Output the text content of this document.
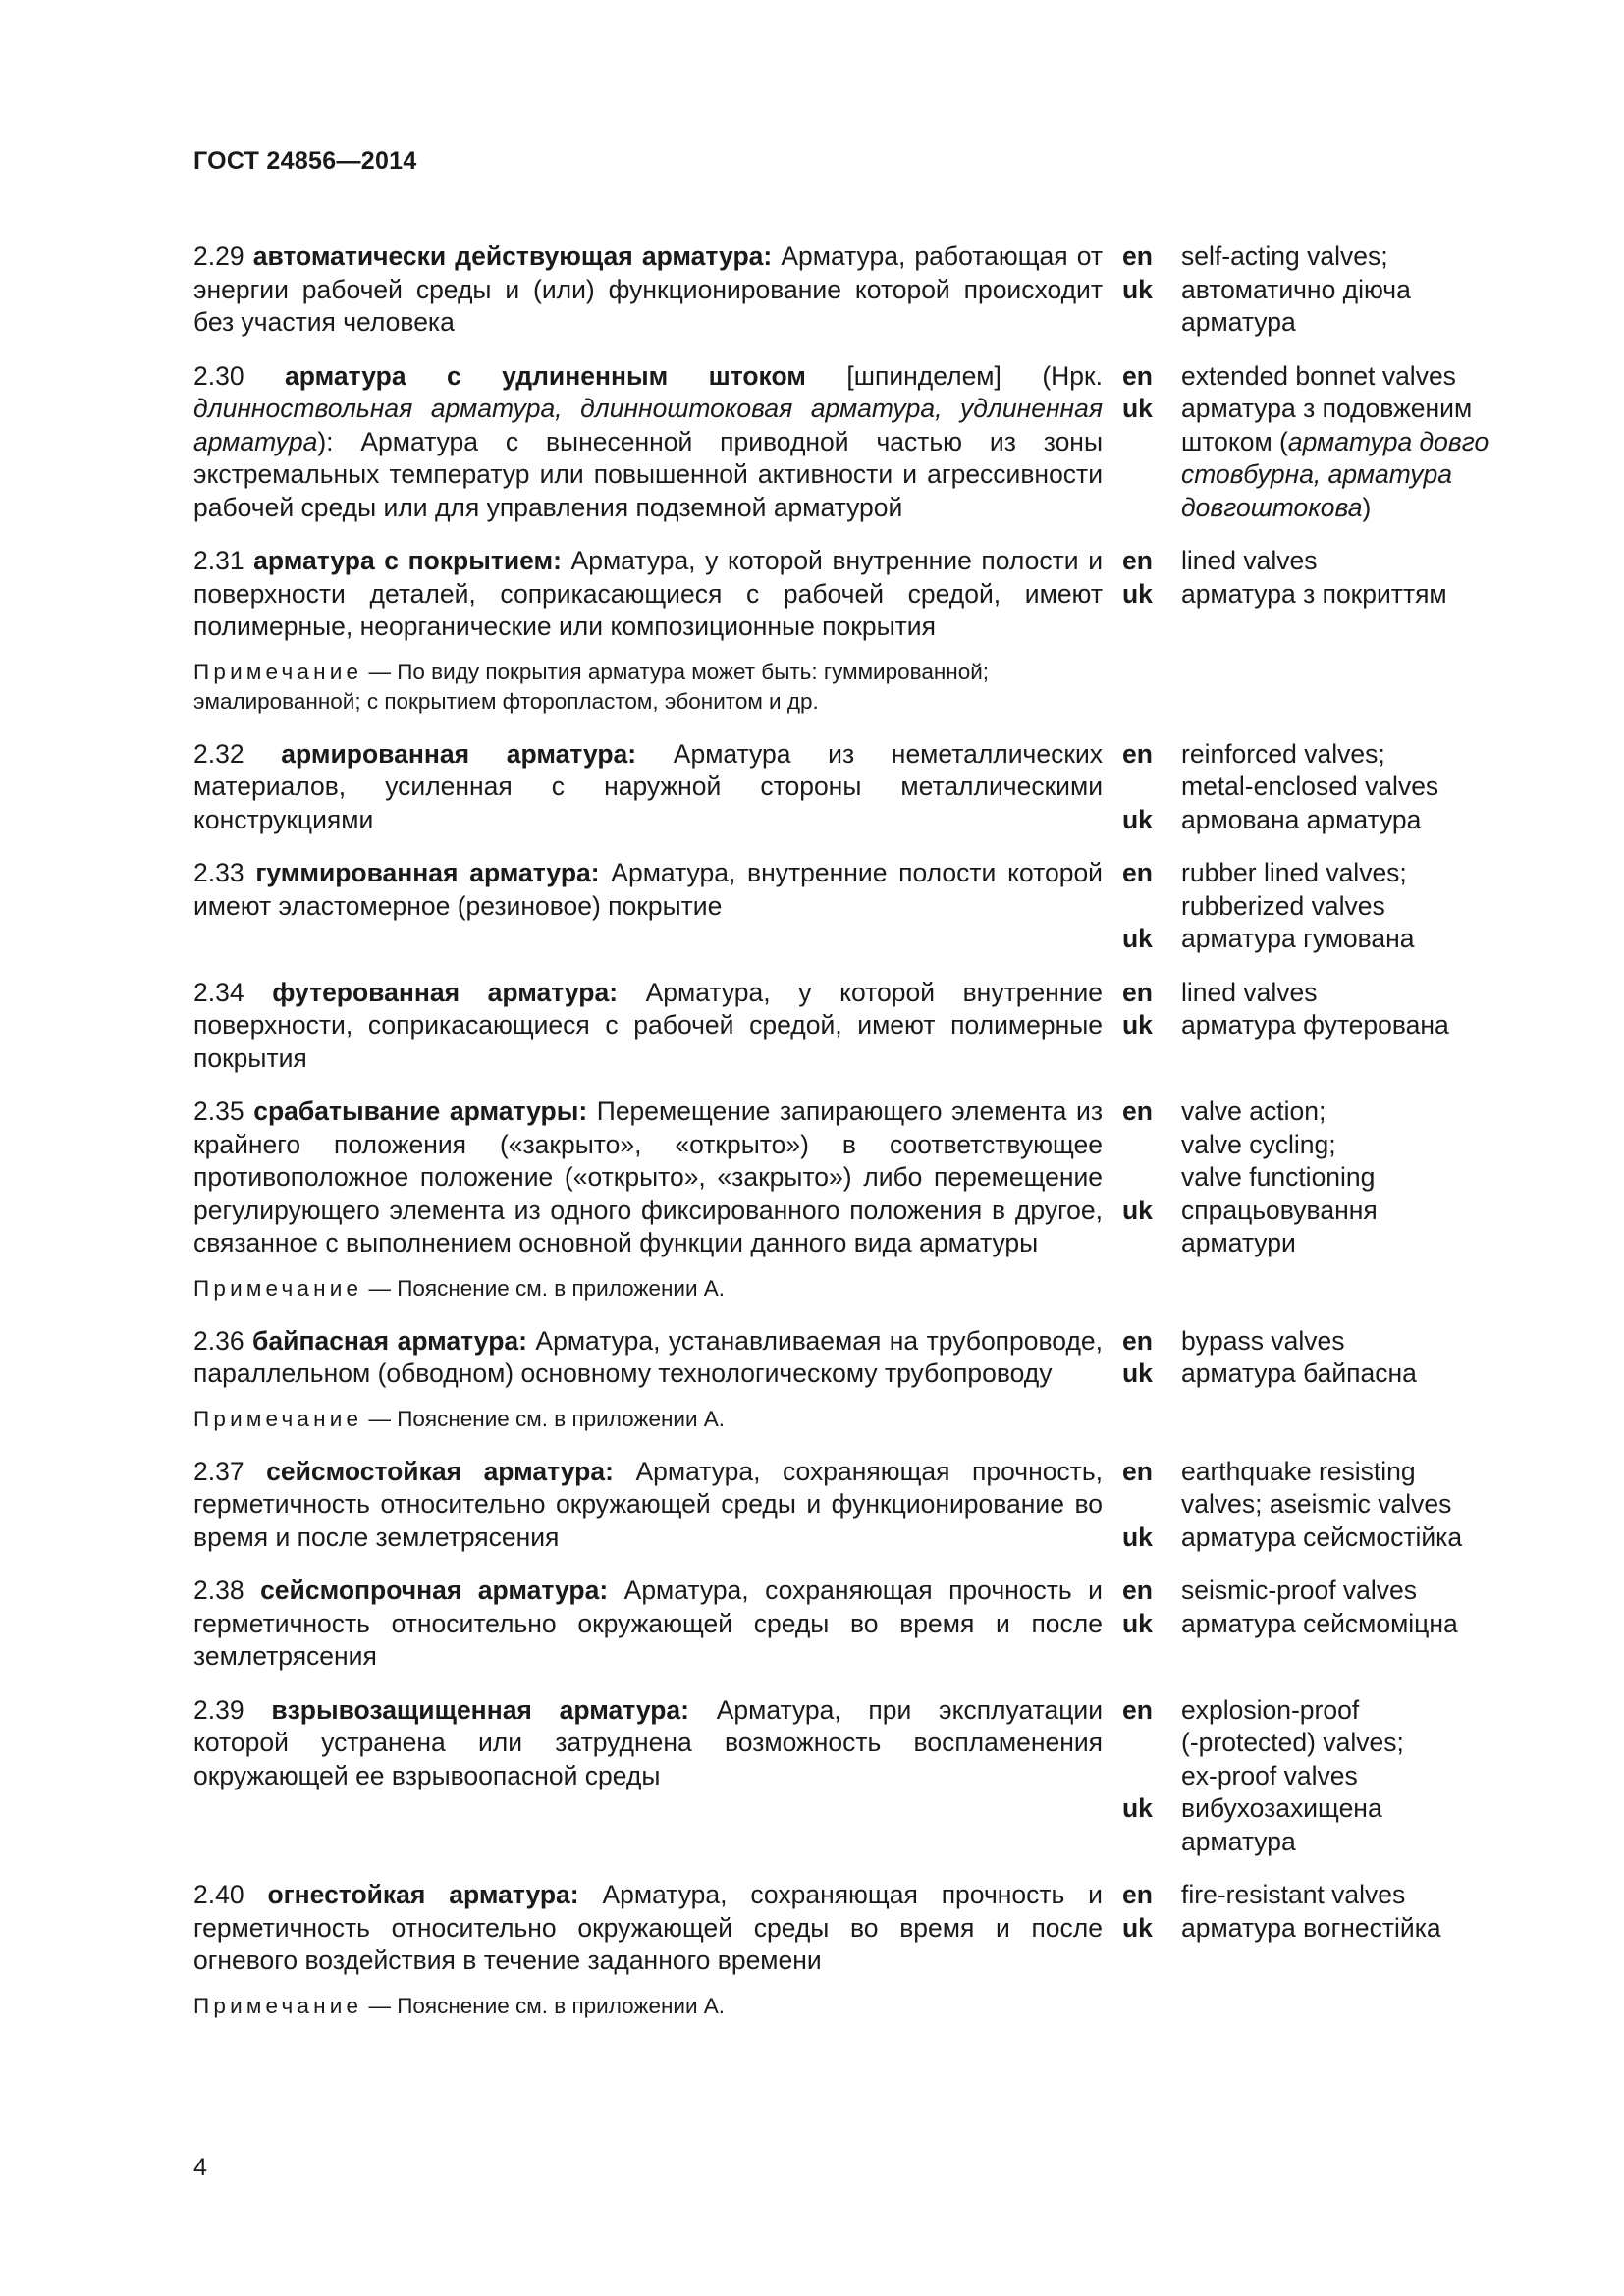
ГОСТ 24856—2014
2.29 автоматически действующая арматура: Арматура, работающая от энергии рабочей среды и (или) функционирование которой происходит без участия человека
en	self-acting valves;
uk	автоматично діюча
арматура
2.30 арматура с удлиненным штоком [шпинделем] (Нрк. длинноствольная арматура, длинноштоковая арматура, удлиненная арматура): Арматура с вынесенной приводной частью из зоны экстремальных температур или повышенной активности и агрессивности рабочей среды или для управления подземной арматурой
en	extended bonnet valves
uk	арматура з подовженим
штоком (арматура довго
стовбурна, арматура
довгоштокова)
2.31 арматура с покрытием: Арматура, у которой внутренние полости и поверхности деталей, соприкасающиеся с рабочей средой, имеют полимерные, неорганические или композиционные покрытия
en	lined valves
uk	арматура з покриттям
Примечание — По виду покрытия арматура может быть: гуммированной; эмалированной; с покрытием фторопластом, эбонитом и др.
2.32 армированная арматура: Арматура из неметаллических материалов, усиленная с наружной стороны металлическими конструкциями
en	reinforced valves;
metal-enclosed valves
uk	армована арматура
2.33 гуммированная арматура: Арматура, внутренние полости которой имеют эластомерное (резиновое) покрытие
en	rubber lined valves;
rubberized valves
uk	арматура гумована
2.34 футерованная арматура: Арматура, у которой внутренние поверхности, соприкасающиеся с рабочей средой, имеют полимерные покрытия
en	lined valves
uk	арматура футерована
2.35 срабатывание арматуры: Перемещение запирающего элемента из крайнего положения («закрыто», «открыто») в соответствующее противоположное положение («открыто», «закрыто») либо перемещение регулирующего элемента из одного фиксированного положения в другое, связанное с выполнением основной функции данного вида арматуры
en	valve action;
valve cycling;
valve functioning
uk	спрацьовування
арматури
Примечание — Пояснение см. в приложении А.
2.36 байпасная арматура: Арматура, устанавливаемая на трубопроводе, параллельном (обводном) основному технологическому трубопроводу
en	bypass valves
uk	арматура байпасна
Примечание — Пояснение см. в приложении А.
2.37 сейсмостойкая арматура: Арматура, сохраняющая прочность, герметичность относительно окружающей среды и функционирование во время и после землетрясения
en	earthquake resisting
valves; aseismic valves
uk	арматура сейсмостійка
2.38 сейсмопрочная арматура: Арматура, сохраняющая прочность и герметичность относительно окружающей среды во время и после землетрясения
en	seismic-proof valves
uk	арматура сейсмоміцна
2.39 взрывозащищенная арматура: Арматура, при эксплуатации которой устранена или затруднена возможность воспламенения окружающей ее взрывоопасной среды
en	explosion-proof
(-protected) valves;
ex-proof valves
uk	вибухозахищена
арматура
2.40 огнестойкая арматура: Арматура, сохраняющая прочность и герметичность относительно окружающей среды во время и после огневого воздействия в течение заданного времени
en	fire-resistant valves
uk	арматура вогнестійка
Примечание — Пояснение см. в приложении А.
4
